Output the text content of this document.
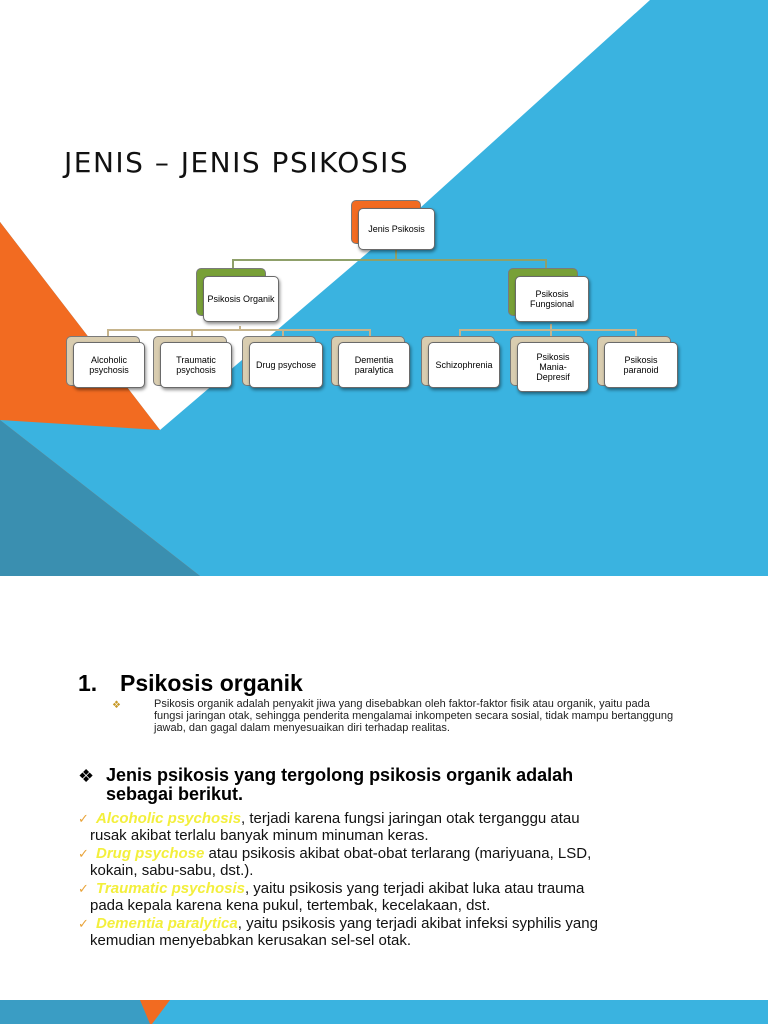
JENIS – JENIS PSIKOSIS
Jenis Psikosis
Psikosis Organik	Psikosis Fungsional
Alcoholic psychosis
Traumatic psychosis	Drug psychose	Dementia paralytica	Schizophrenia
Psikosis Mania-Depresif
Psikosis paranoid
1. Psikosis organik
❖	Psikosis organik adalah penyakit jiwa yang disebabkan oleh faktor-faktor fisik atau organik, yaitu pada fungsi jaringan otak, sehingga penderita mengalamai inkompeten secara sosial, tidak mampu bertanggung jawab, dan gagal dalam menyesuaikan diri terhadap realitas.
❖ Jenis psikosis yang tergolong psikosis organik adalah
sebagai berikut.
✓ Alcoholic psychosis, terjadi karena fungsi jaringan otak terganggu atau
rusak akibat terlalu banyak minum minuman keras.
✓ Drug psychose atau psikosis akibat obat-obat terlarang (mariyuana, LSD,
kokain, sabu-sabu, dst.).
✓ Traumatic psychosis, yaitu psikosis yang terjadi akibat luka atau trauma
pada kepala karena kena pukul, tertembak, kecelakaan, dst.
✓ Dementia paralytica, yaitu psikosis yang terjadi akibat infeksi syphilis yang
kemudian menyebabkan kerusakan sel-sel otak.
